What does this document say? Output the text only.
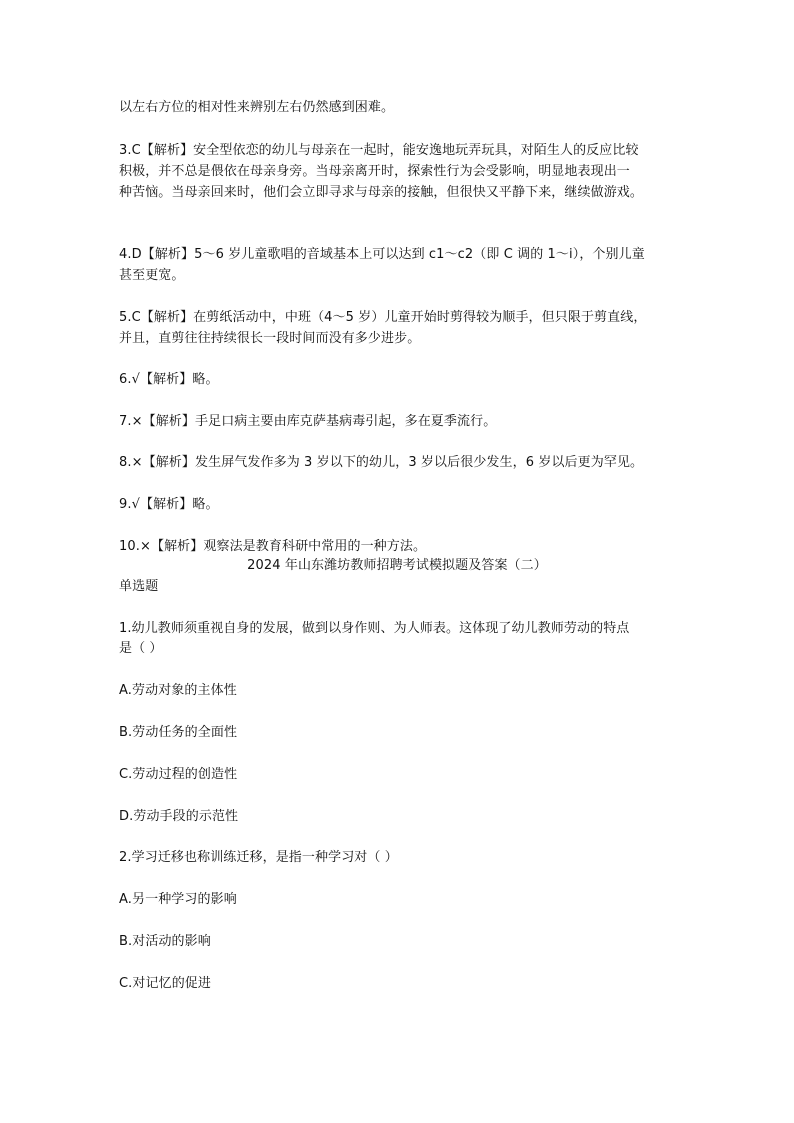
以左右方位的相对性来辨别左右仍然感到困难。
3.C【解析】安全型依恋的幼儿与母亲在一起时，能安逸地玩弄玩具，对陌生人的反应比较
积极，并不总是偎依在母亲身旁。当母亲离开时，探索性行为会受影响，明显地表现出一
种苦恼。当母亲回来时，他们会立即寻求与母亲的接触，但很快又平静下来，继续做游戏。
4.D【解析】5～6 岁儿童歌唱的音域基本上可以达到 c1～c2（即 C 调的 1～i），个别儿童
甚至更宽。
5.C【解析】在剪纸活动中，中班（4～5 岁）儿童开始时剪得较为顺手，但只限于剪直线，
并且，直剪往往持续很长一段时间而没有多少进步。
6.√【解析】略。
7.×【解析】手足口病主要由库克萨基病毒引起，多在夏季流行。
8.×【解析】发生屏气发作多为 3 岁以下的幼儿，3 岁以后很少发生，6 岁以后更为罕见。
9.√【解析】略。
10.×【解析】观察法是教育科研中常用的一种方法。
2024 年山东潍坊教师招聘考试模拟题及答案（二）
单选题
1.幼儿教师须重视自身的发展，做到以身作则、为人师表。这体现了幼儿教师劳动的特点
是（ ）
A.劳动对象的主体性
B.劳动任务的全面性
C.劳动过程的创造性
D.劳动手段的示范性
2.学习迁移也称训练迁移，是指一种学习对（ ）
A.另一种学习的影响
B.对活动的影响
C.对记忆的促进
